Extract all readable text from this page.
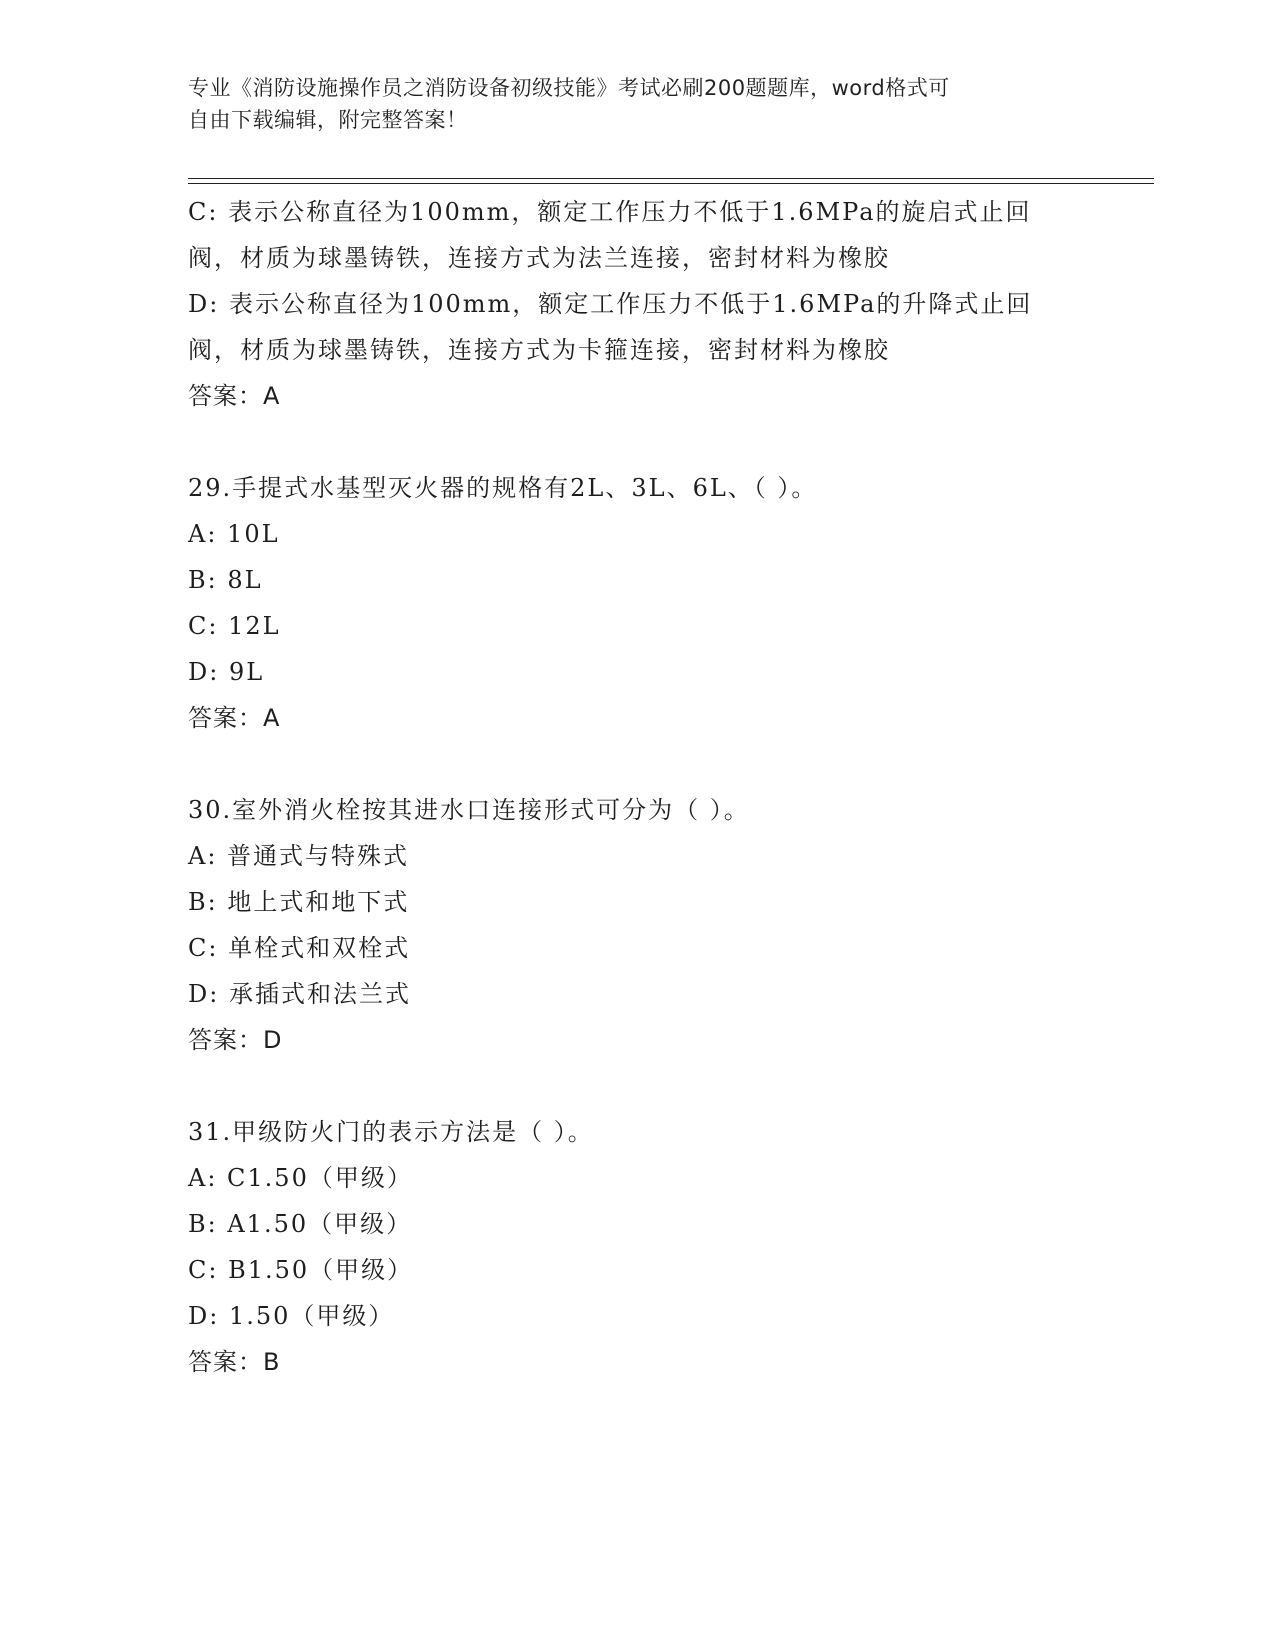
专业《消防设施操作员之消防设备初级技能》考试必刷200题题库，word格式可
自由下载编辑，附完整答案！
C: 表示公称直径为100mm，额定工作压力不低于1.6MPa的旋启式止回
阀，材质为球墨铸铁，连接方式为法兰连接，密封材料为橡胶
D: 表示公称直径为100mm，额定工作压力不低于1.6MPa的升降式止回
阀，材质为球墨铸铁，连接方式为卡箍连接，密封材料为橡胶
答案：A
29.手提式水基型灭火器的规格有2L、3L、6L、（ ）。
A: 10L
B: 8L
C: 12L
D: 9L
答案：A
30.室外消火栓按其进水口连接形式可分为（ ）。
A: 普通式与特殊式
B: 地上式和地下式
C: 单栓式和双栓式
D: 承插式和法兰式
答案：D
31.甲级防火门的表示方法是（ ）。
A: C1.50（甲级）
B: A1.50（甲级）
C: B1.50（甲级）
D: 1.50（甲级）
答案：B
